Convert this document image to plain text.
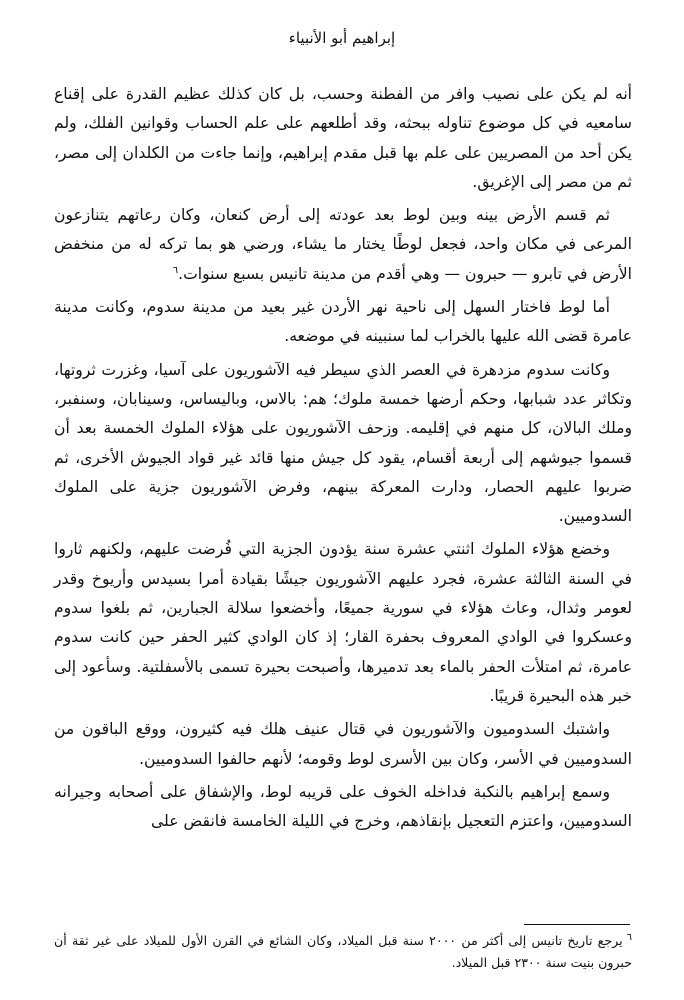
إبراهيم أبو الأنبياء

أنه لم يكن على نصيب وافر من الفطنة وحسب، بل كان كذلك عظيم القدرة على إقناع سامعيه في كل موضوع تناوله ببحثه، وقد أطلعهم على علم الحساب وقوانين الفلك، ولم يكن أحد من المصريين على علم بها قبل مقدم إبراهيم، وإنما جاءت من الكلدان إلى مصر، ثم من مصر إلى الإغريق.

ثم قسم الأرض بينه وبين لوط بعد عودته إلى أرض كنعان، وكان رعاتهم يتنازعون المرعى في مكان واحد، فجعل لوطًا يختار ما يشاء، ورضي هو بما تركه له من منخفض الأرض في تابرو — حبرون — وهي أقدم من مدينة تانيس بسبع سنوات.$^٦$

أما لوط فاختار السهل إلى ناحية نهر الأردن غير بعيد من مدينة سدوم، وكانت مدينة عامرة قضى الله عليها بالخراب لما سنبينه في موضعه.

وكانت سدوم مزدهرة في العصر الذي سيطر فيه الآشوريون على آسيا، وغزرت ثروتها، وتكاثر عدد شبابها، وحكم أرضها خمسة ملوك؛ هم: بالاس، وباليساس، وسينابان، وسنفبر، وملك البالان، كل منهم في إقليمه. وزحف الآشوريون على هؤلاء الملوك الخمسة بعد أن قسموا جيوشهم إلى أربعة أقسام، يقود كل جيش منها قائد غير قواد الجيوش الأخرى، ثم ضربوا عليهم الحصار، ودارت المعركة بينهم، وفرض الآشوريون جزية على الملوك السدوميين.

وخضع هؤلاء الملوك اثنتي عشرة سنة يؤدون الجزية التي فُرضت عليهم، ولكنهم ثاروا في السنة الثالثة عشرة، فجرد عليهم الآشوريون جيشًا بقيادة أمرا بسيدس وأريوخ وقدر لعومر وثدال، وعاث هؤلاء في سورية جميعًا، وأخضعوا سلالة الجبارين، ثم بلغوا سدوم وعسكروا في الوادي المعروف بحفرة القار؛ إذ كان الوادي كثير الحفر حين كانت سدوم عامرة، ثم امتلأت الحفر بالماء بعد تدميرها، وأصبحت بحيرة تسمى بالأسفلتية. وسأعود إلى خبر هذه البحيرة قريبًا.

واشتبك السدوميون والآشوريون في قتال عنيف هلك فيه كثيرون، ووقع الباقون من السدوميين في الأسر، وكان بين الأسرى لوط وقومه؛ لأنهم حالفوا السدوميين.

وسمع إبراهيم بالنكبة فداخله الخوف على قريبه لوط، والإشفاق على أصحابه وجيرانه السدوميين، واعتزم التعجيل بإنقاذهم، وخرج في الليلة الخامسة فانقض على

$^٦$يرجع تاريخ تانيس إلى أكثر من ٢٠٠٠ سنة قبل الميلاد، وكان الشائع في القرن الأول للميلاد على غير ثقة أن حبرون بنيت سنة ٢٣٠٠ قبل الميلاد.
